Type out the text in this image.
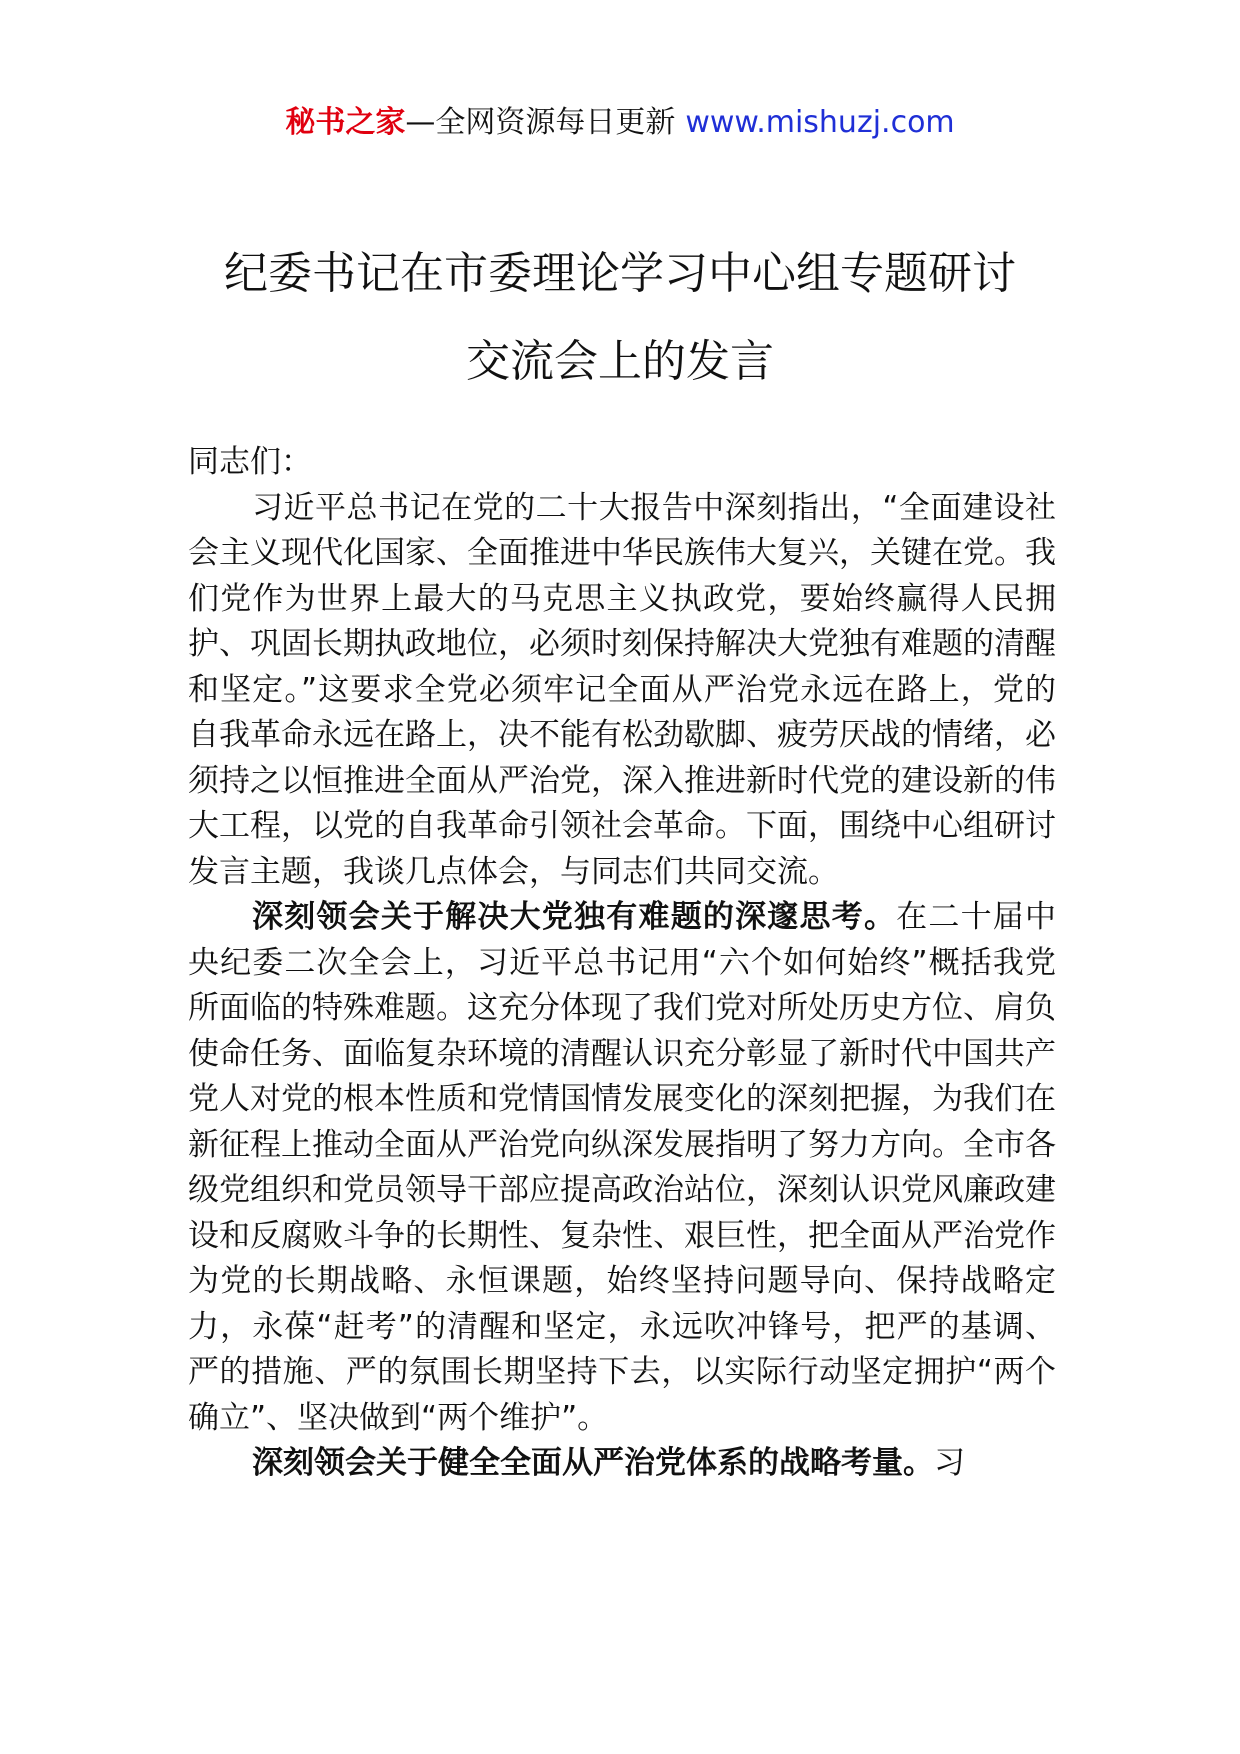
秘书之家—全网资源每日更新 www.mishuzj.com
纪委书记在市委理论学习中心组专题研讨
交流会上的发言

同志们：

习近平总书记在党的二十大报告中深刻指出，“全面建设社会主义现代化国家、全面推进中华民族伟大复兴，关键在党。我们党作为世界上最大的马克思主义执政党，要始终赢得人民拥护、巩固长期执政地位，必须时刻保持解决大党独有难题的清醒和坚定。”这要求全党必须牢记全面从严治党永远在路上，党的自我革命永远在路上，决不能有松劲歇脚、疲劳厌战的情绪，必须持之以恒推进全面从严治党，深入推进新时代党的建设新的伟大工程，以党的自我革命引领社会革命。下面，围绕中心组研讨发言主题，我谈几点体会，与同志们共同交流。

深刻领会关于解决大党独有难题的深邃思考。在二十届中央纪委二次全会上，习近平总书记用“六个如何始终”概括我党所面临的特殊难题。这充分体现了我们党对所处历史方位、肩负使命任务、面临复杂环境的清醒认识充分彰显了新时代中国共产党人对党的根本性质和党情国情发展变化的深刻把握，为我们在新征程上推动全面从严治党向纵深发展指明了努力方向。全市各级党组织和党员领导干部应提高政治站位，深刻认识党风廉政建设和反腐败斗争的长期性、复杂性、艰巨性，把全面从严治党作为党的长期战略、永恒课题，始终坚持问题导向、保持战略定力，永葆“赶考”的清醒和坚定，永远吹冲锋号，把严的基调、严的措施、严的氛围长期坚持下去，以实际行动坚定拥护“两个确立”、坚决做到“两个维护”。

深刻领会关于健全全面从严治党体系的战略考量。习
